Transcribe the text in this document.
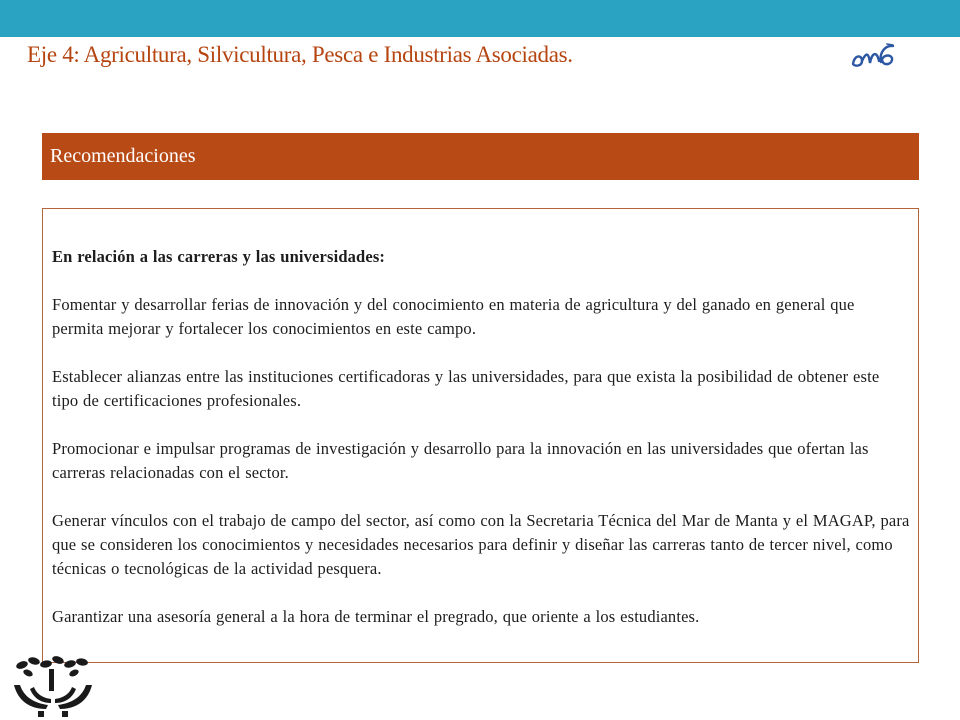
Eje 4: Agricultura, Silvicultura, Pesca e Industrias Asociadas.
Recomendaciones

En relación a las carreras y las universidades:

Fomentar y desarrollar ferias de innovación y del conocimiento en materia de agricultura y del ganado en general que permita mejorar y fortalecer los conocimientos en este campo.

Establecer alianzas entre las instituciones certificadoras y las universidades, para que exista la posibilidad de obtener este tipo de certificaciones profesionales.

Promocionar e impulsar programas de investigación y desarrollo para la innovación en las universidades que ofertan las carreras relacionadas con el sector.

Generar vínculos con el trabajo de campo del sector, así como con la Secretaria Técnica del Mar de Manta y el MAGAP, para que se consideren los conocimientos y necesidades necesarios para definir y diseñar las carreras tanto de tercer nivel, como técnicas o tecnológicas de la actividad pesquera.

Garantizar una asesoría general a la hora de terminar el pregrado, que oriente a los estudiantes.
